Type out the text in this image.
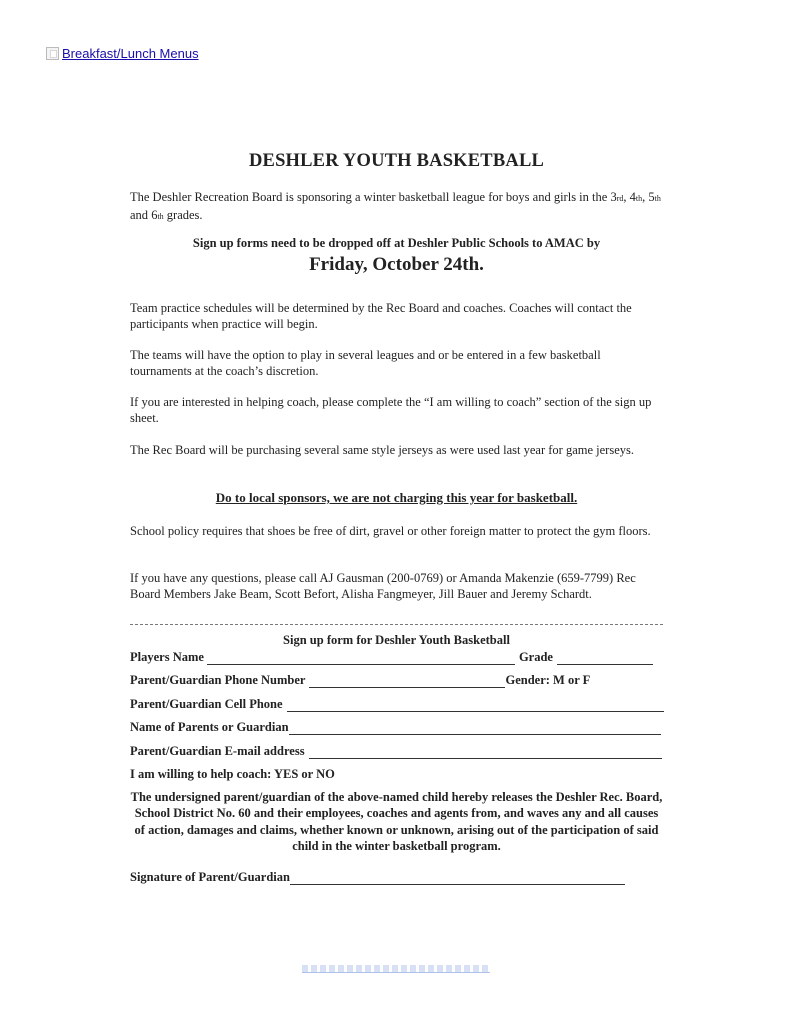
Breakfast/Lunch Menus
DESHLER YOUTH BASKETBALL

The Deshler Recreation Board is sponsoring a winter basketball league for boys and girls in the 3rd, 4th, 5th and 6th grades.

Sign up forms need to be dropped off at Deshler Public Schools to AMAC by
Friday, October 24th.

Team practice schedules will be determined by the Rec Board and coaches. Coaches will contact the participants when practice will begin.

The teams will have the option to play in several leagues and or be entered in a few basketball tournaments at the coach’s discretion.

If you are interested in helping coach, please complete the “I am willing to coach” section of the sign up sheet.

The Rec Board will be purchasing several same style jerseys as were used last year for game jerseys.

Do to local sponsors, we are not charging this year for basketball.

School policy requires that shoes be free of dirt, gravel or other foreign matter to protect the gym floors.

If you have any questions, please call AJ Gausman (200-0769) or Amanda Makenzie (659-7799) Rec Board Members Jake Beam, Scott Befort, Alisha Fangmeyer, Jill Bauer and Jeremy Schardt.

Sign up form for Deshler Youth Basketball
Players Name	Grade
Parent/Guardian Phone Number	Gender: M or F
Parent/Guardian Cell Phone
Name of Parents or Guardian
Parent/Guardian E-mail address
I am willing to help coach: YES or NO
The undersigned parent/guardian of the above-named child hereby releases the Deshler Rec. Board, School District No. 60 and their employees, coaches and agents from, and waves any and all causes of action, damages and claims, whether known or unknown, arising out of the participation of said child in the winter basketball program.
Signature of Parent/Guardian
